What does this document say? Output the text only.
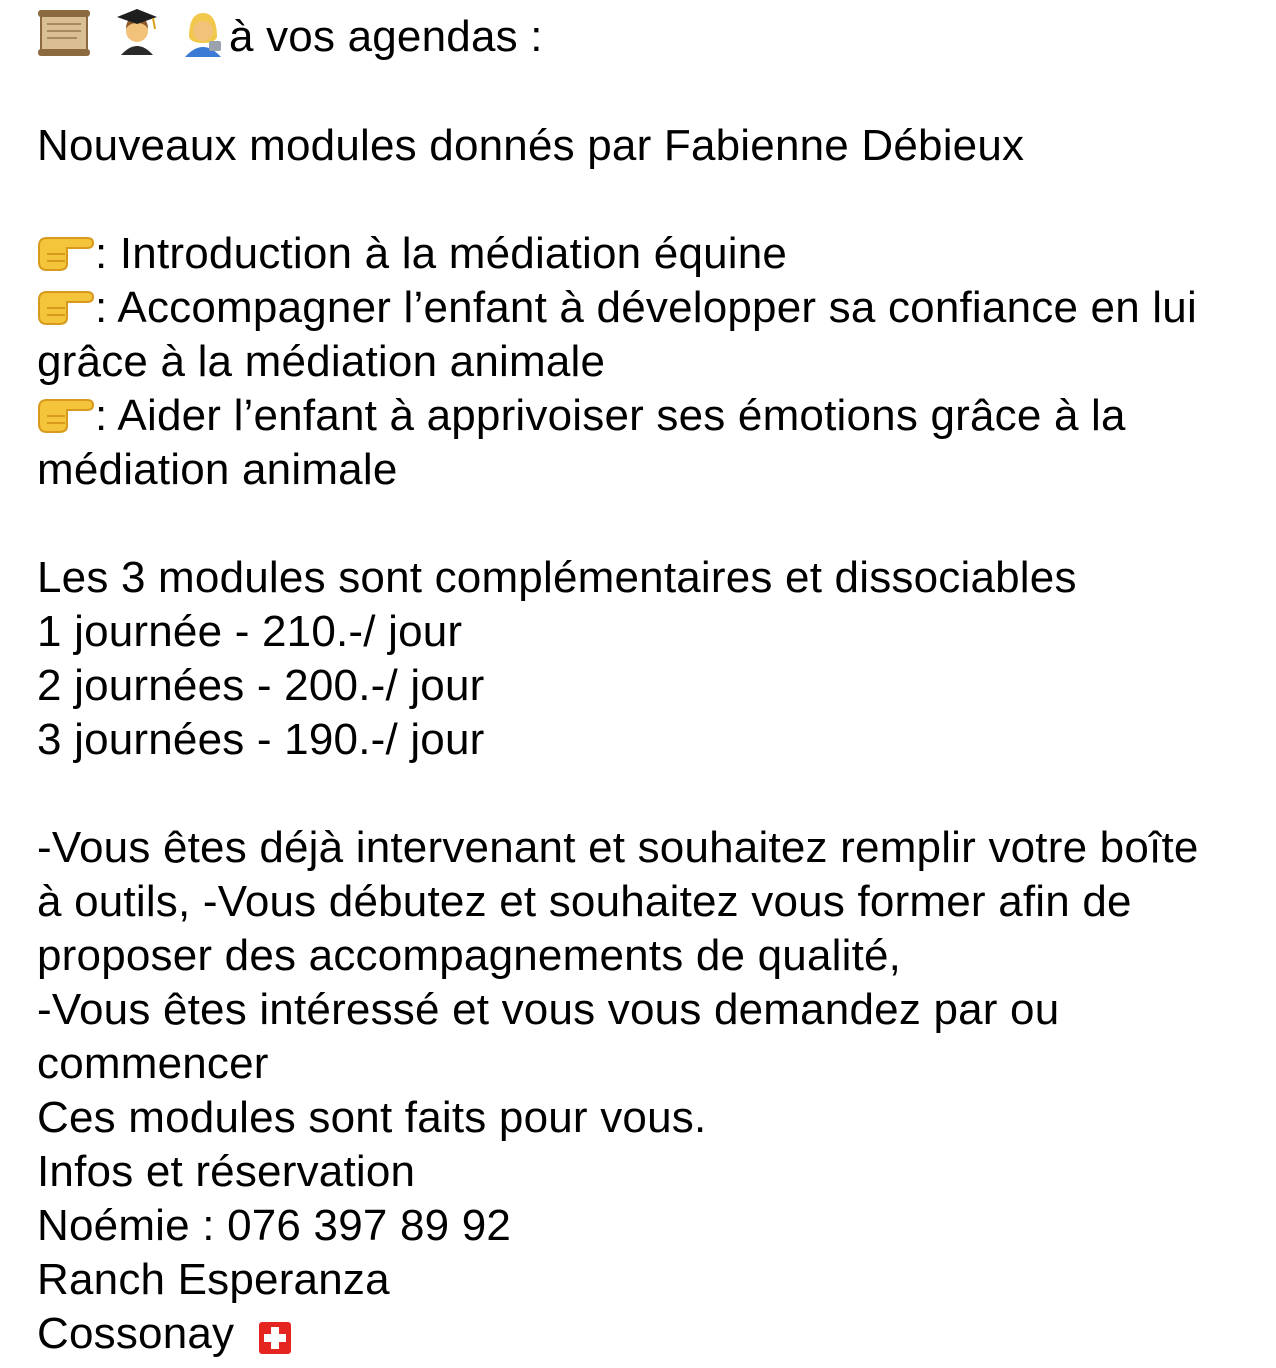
à vos agendas :
Nouveaux modules donnés par Fabienne Débieux
: Introduction à la médiation équine
: Accompagner l’enfant à développer sa confiance en lui
grâce à la médiation animale
: Aider l’enfant à apprivoiser ses émotions grâce à la
médiation animale
Les 3 modules sont complémentaires et dissociables
1 journée - 210.-/ jour
2 journées - 200.-/ jour
3 journées - 190.-/ jour
-Vous êtes déjà intervenant et souhaitez remplir votre boîte
à outils, -Vous débutez et souhaitez vous former afin de
proposer des accompagnements de qualité,
-Vous êtes intéressé et vous vous demandez par ou
commencer
Ces modules sont faits pour vous.
Infos et réservation
Noémie : 076 397 89 92
Ranch Esperanza
Cossonay
